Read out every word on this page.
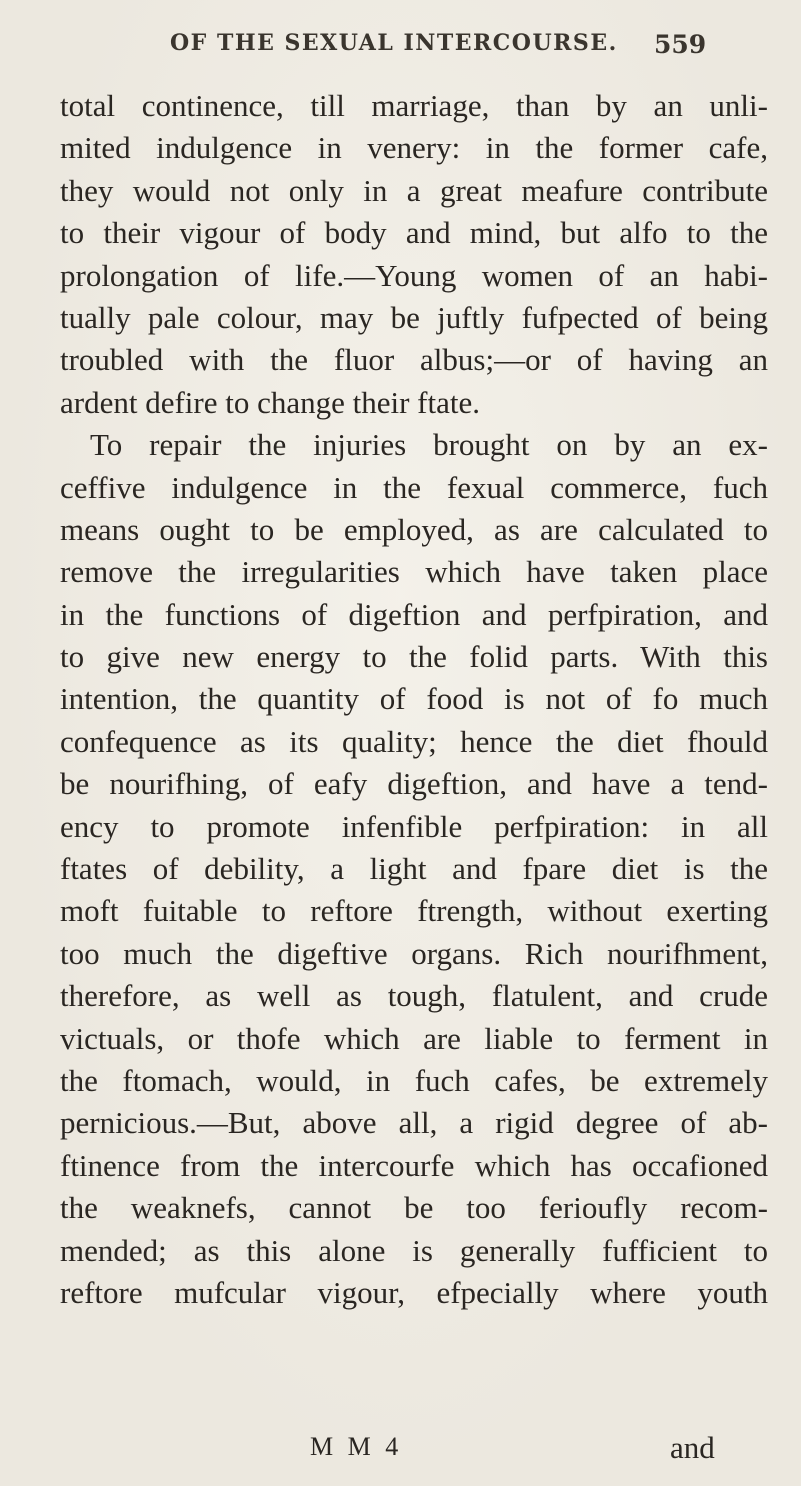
OF THE SEXUAL INTERCOURSE. 559
total continence, till marriage, than by an unli-
mited indulgence in venery: in the former cafe,
they would not only in a great meafure contribute
to their vigour of body and mind, but alfo to the
prolongation of life.—Young women of an habi-
tually pale colour, may be juftly fufpected of being
troubled with the fluor albus;—or of having an
ardent defire to change their ftate.
To repair the injuries brought on by an ex-
ceffive indulgence in the fexual commerce, fuch
means ought to be employed, as are calculated to
remove the irregularities which have taken place
in the functions of digeftion and perfpiration, and
to give new energy to the folid parts. With this
intention, the quantity of food is not of fo much
confequence as its quality; hence the diet fhould
be nourifhing, of eafy digeftion, and have a tend-
ency to promote infenfible perfpiration: in all
ftates of debility, a light and fpare diet is the
moft fuitable to reftore ftrength, without exerting
too much the digeftive organs. Rich nourifhment,
therefore, as well as tough, flatulent, and crude
victuals, or thofe which are liable to ferment in
the ftomach, would, in fuch cafes, be extremely
pernicious.—But, above all, a rigid degree of ab-
ftinence from the intercourfe which has occafioned
the weaknefs, cannot be too ferioufly recom-
mended; as this alone is generally fufficient to
reftore mufcular vigour, efpecially where youth
M M 4	and
